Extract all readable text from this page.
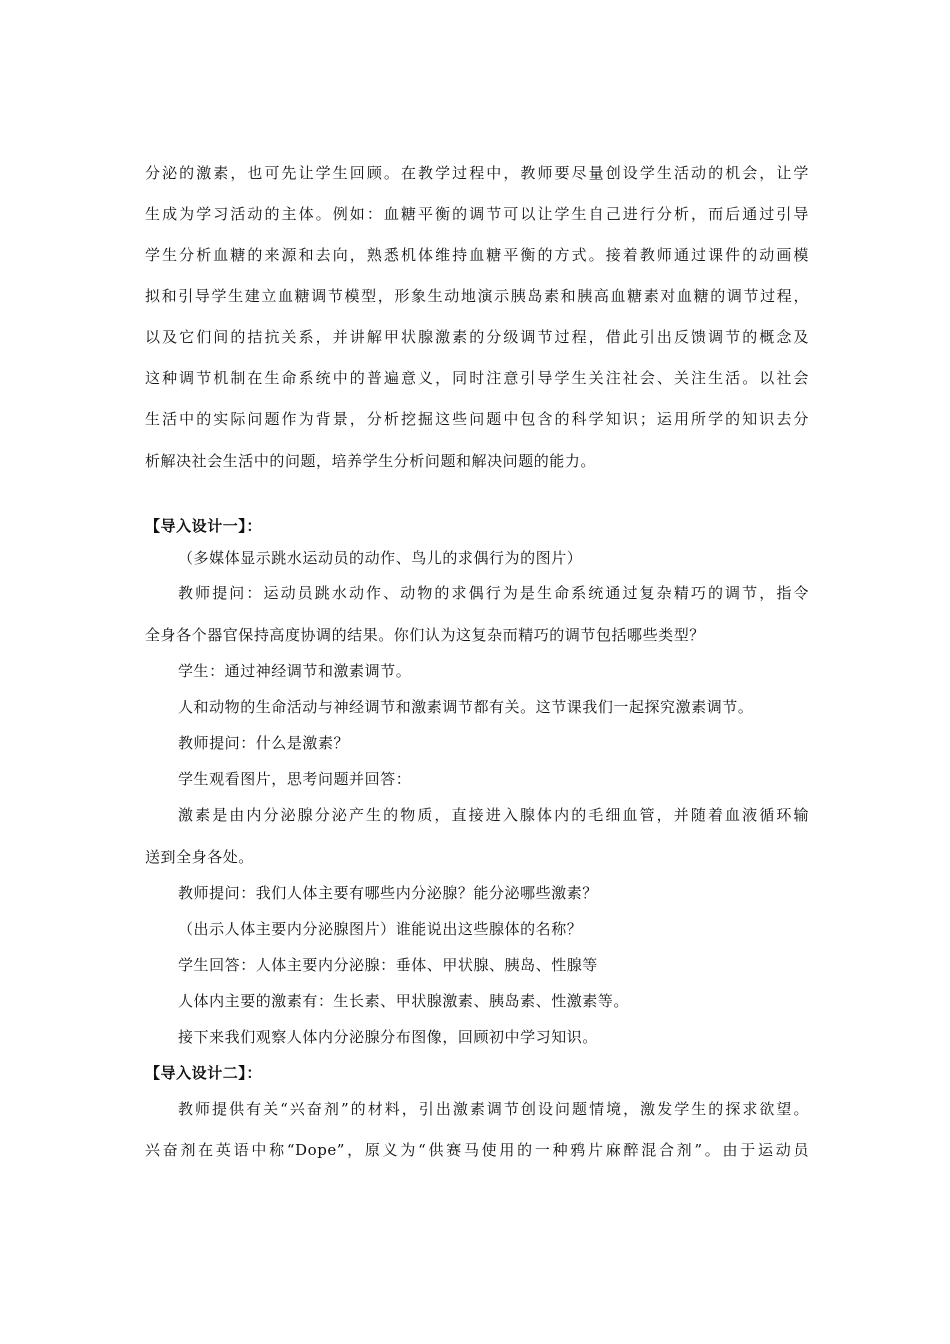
分泌的激素，也可先让学生回顾。在教学过程中，教师要尽量创设学生活动的机会，让学
生成为学习活动的主体。例如：血糖平衡的调节可以让学生自己进行分析，而后通过引导
学生分析血糖的来源和去向，熟悉机体维持血糖平衡的方式。接着教师通过课件的动画模
拟和引导学生建立血糖调节模型，形象生动地演示胰岛素和胰高血糖素对血糖的调节过程，
以及它们间的拮抗关系，并讲解甲状腺激素的分级调节过程，借此引出反馈调节的概念及
这种调节机制在生命系统中的普遍意义，同时注意引导学生关注社会、关注生活。以社会
生活中的实际问题作为背景，分析挖掘这些问题中包含的科学知识；运用所学的知识去分
析解决社会生活中的问题，培养学生分析问题和解决问题的能力。
【导入设计一】：
（多媒体显示跳水运动员的动作、鸟儿的求偶行为的图片）
教师提问：运动员跳水动作、动物的求偶行为是生命系统通过复杂精巧的调节，指令
全身各个器官保持高度协调的结果。你们认为这复杂而精巧的调节包括哪些类型？
学生：通过神经调节和激素调节。
人和动物的生命活动与神经调节和激素调节都有关。这节课我们一起探究激素调节。
教师提问：什么是激素？
学生观看图片，思考问题并回答：
激素是由内分泌腺分泌产生的物质，直接进入腺体内的毛细血管，并随着血液循环输
送到全身各处。
教师提问：我们人体主要有哪些内分泌腺？能分泌哪些激素？
（出示人体主要内分泌腺图片）谁能说出这些腺体的名称？
学生回答：人体主要内分泌腺：垂体、甲状腺、胰岛、性腺等
人体内主要的激素有：生长素、甲状腺激素、胰岛素、性激素等。
接下来我们观察人体内分泌腺分布图像，回顾初中学习知识。
【导入设计二】：
教师提供有关“兴奋剂”的材料，引出激素调节创设问题情境，激发学生的探求欲望。
兴奋剂在英语中称“Dope”，原义为“供赛马使用的一种鸦片麻醉混合剂”。由于运动员
